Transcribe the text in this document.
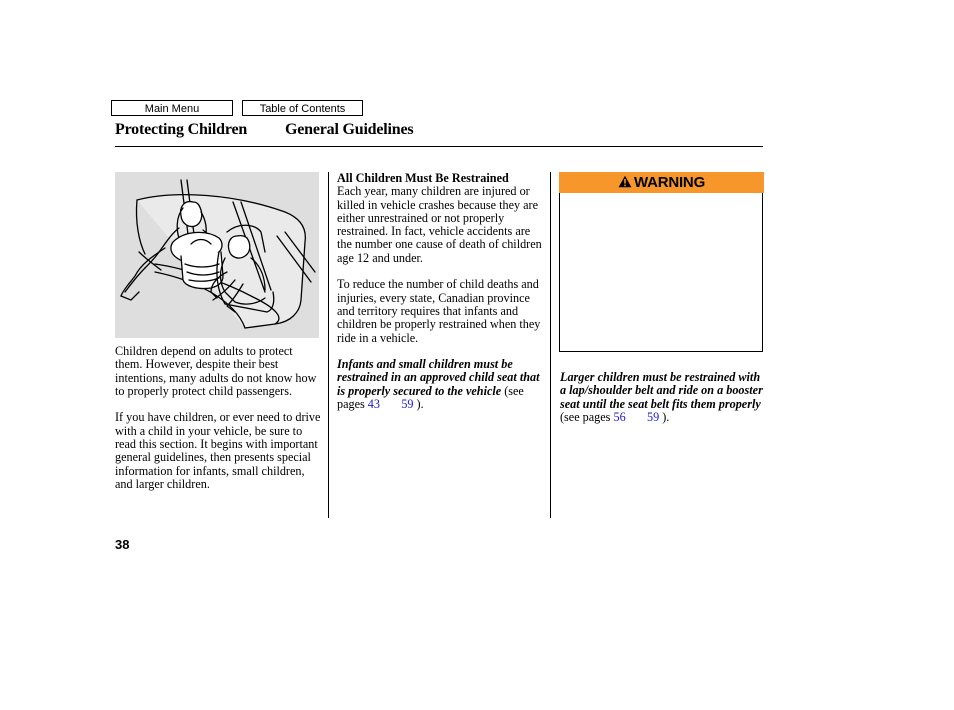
Main Menu	Table of Contents
Protecting Children General Guidelines

Children depend on adults to protect them. However, despite their best intentions, many adults do not know how to properly protect child passengers.

If you have children, or ever need to drive with a child in your vehicle, be sure to read this section. It begins with important general guidelines, then presents special information for infants, small children, and larger children.

All Children Must Be Restrained
Each year, many children are injured or killed in vehicle crashes because they are either unrestrained or not properly restrained. In fact, vehicle accidents are the number one cause of death of children age 12 and under.

To reduce the number of child deaths and injuries, every state, Canadian province and territory requires that infants and children be properly restrained when they ride in a vehicle.

Infants and small children must be restrained in an approved child seat that is properly secured to the vehicle (see pages 43 59 ).

WARNING

Larger children must be restrained with a lap/shoulder belt and ride on a booster seat until the seat belt fits them properly (see pages 56 59 ).

38
